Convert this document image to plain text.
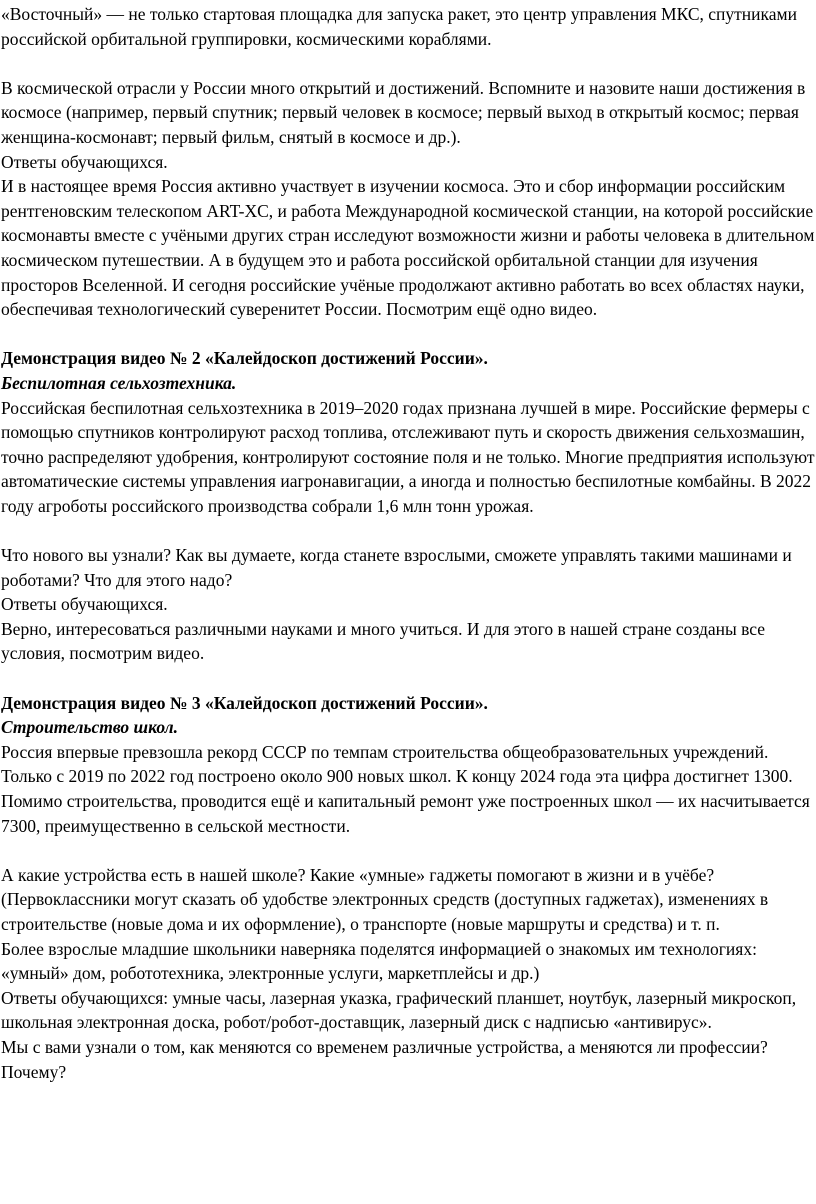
«Восточный» — не только стартовая площадка для запуска ракет, это центр управления МКС, спутниками российской орбитальной группировки, космическими кораблями.

В космической отрасли у России много открытий и достижений. Вспомните и назовите наши достижения в космосе (например, первый спутник; первый человек в космосе; первый выход в открытый космос; первая женщина-космонавт; первый фильм, снятый в космосе и др.).

Ответы обучающихся.

И в настоящее время Россия активно участвует в изучении космоса. Это и сбор информации российским рентгеновским телескопом ART-XC, и работа Международной космической станции, на которой российские космонавты вместе с учёными других стран исследуют возможности жизни и работы человека в длительном космическом путешествии. А в будущем это и работа российской орбитальной станции для изучения просторов Вселенной. И сегодня российские учёные продолжают активно работать во всех областях науки, обеспечивая технологический суверенитет России. Посмотрим ещё одно видео.

Демонстрация видео № 2 «Калейдоскоп достижений России».

Беспилотная сельхозтехника.

Российская беспилотная сельхозтехника в 2019–2020 годах признана лучшей в мире. Российские фермеры с помощью спутников контролируют расход топлива, отслеживают путь и скорость движения сельхозмашин, точно распределяют удобрения, контролируют состояние поля и не только. Многие предприятия используют автоматические системы управления иагронавигации, а иногда и полностью беспилотные комбайны. В 2022 году агроботы российского производства собрали 1,6 млн тонн урожая.

Что нового вы узнали? Как вы думаете, когда станете взрослыми, сможете управлять такими машинами и роботами? Что для этого надо?

Ответы обучающихся.

Верно, интересоваться различными науками и много учиться. И для этого в нашей стране созданы все условия, посмотрим видео.

Демонстрация видео № 3 «Калейдоскоп достижений России».

Строительство школ.

Россия впервые превзошла рекорд СССР по темпам строительства общеобразовательных учреждений. Только с 2019 по 2022 год построено около 900 новых школ. К концу 2024 года эта цифра достигнет 1300. Помимо строительства, проводится ещё и капитальный ремонт уже построенных школ — их насчитывается 7300, преимущественно в сельской местности.

А какие устройства есть в нашей школе? Какие «умные» гаджеты помогают в жизни и в учёбе? (Первоклассники могут сказать об удобстве электронных средств (доступных гаджетах), изменениях в строительстве (новые дома и их оформление), о транспорте (новые маршруты и средства) и т. п.

Более взрослые младшие школьники наверняка поделятся информацией о знакомых им технологиях: «умный» дом, робототехника, электронные услуги, маркетплейсы и др.)

Ответы обучающихся: умные часы, лазерная указка, графический планшет, ноутбук, лазерный микроскоп, школьная электронная доска, робот/робот-доставщик, лазерный диск с надписью «антивирус».

Мы с вами узнали о том, как меняются со временем различные устройства, а меняются ли профессии? Почему?
